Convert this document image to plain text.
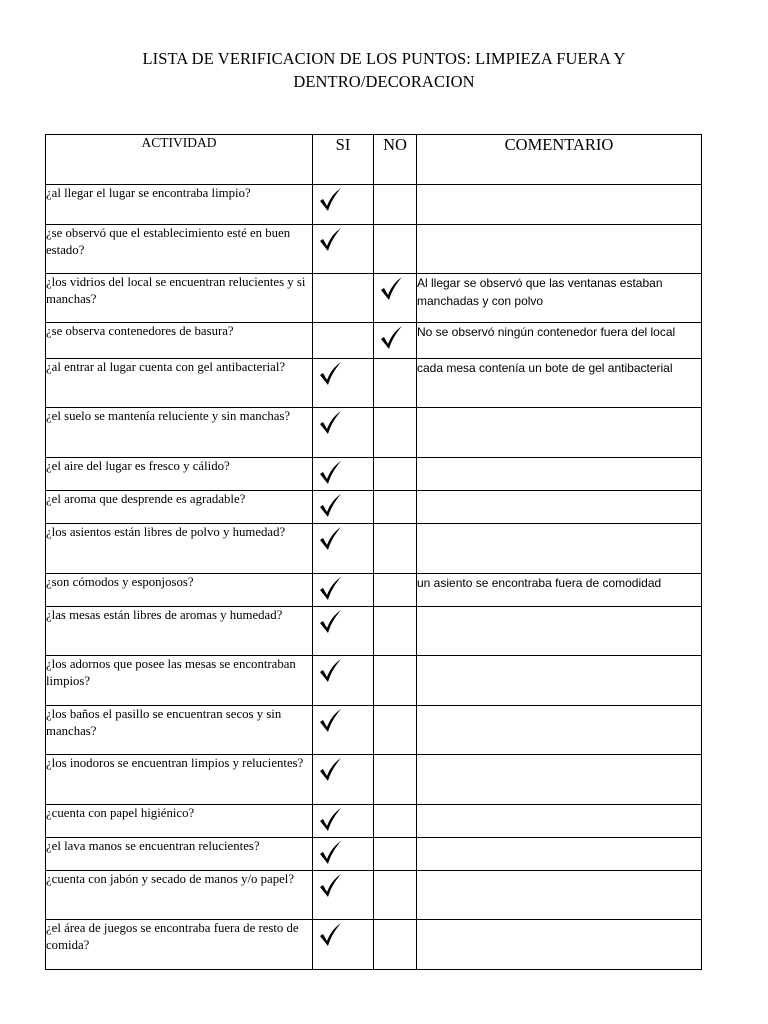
LISTA DE VERIFICACION DE LOS PUNTOS: LIMPIEZA FUERA Y
DENTRO/DECORACION
ACTIVIDAD	SI	NO	COMENTARIO
¿al llegar el lugar se encontraba limpio?	

¿se observó que el establecimiento esté en buen estado?	

¿los vidrios del local se encuentran relucientes y si manchas?			Al llegar se observó que las ventanas estaban manchadas y con polvo
¿se observa contenedores de basura?			No se observó ningún contenedor fuera del local
¿al entrar al lugar cuenta con gel antibacterial?			cada mesa contenía un bote de gel antibacterial
¿el suelo se mantenía reluciente y sin manchas?	

¿el aire del lugar es fresco y cálido?	

¿el aroma que desprende es agradable?	

¿los asientos están libres de polvo y humedad?	

¿son cómodos y esponjosos?			un asiento se encontraba fuera de comodidad
¿las mesas están libres de aromas y humedad?	

¿los adornos que posee las mesas se encontraban limpios?	

¿los baños el pasillo se encuentran secos y sin manchas?	

¿los inodoros se encuentran limpios y relucientes?	

¿cuenta con papel higiénico?	

¿el lava manos se encuentran relucientes?	

¿cuenta con jabón y secado de manos y/o papel?	

¿el área de juegos se encontraba fuera de resto de comida?	
